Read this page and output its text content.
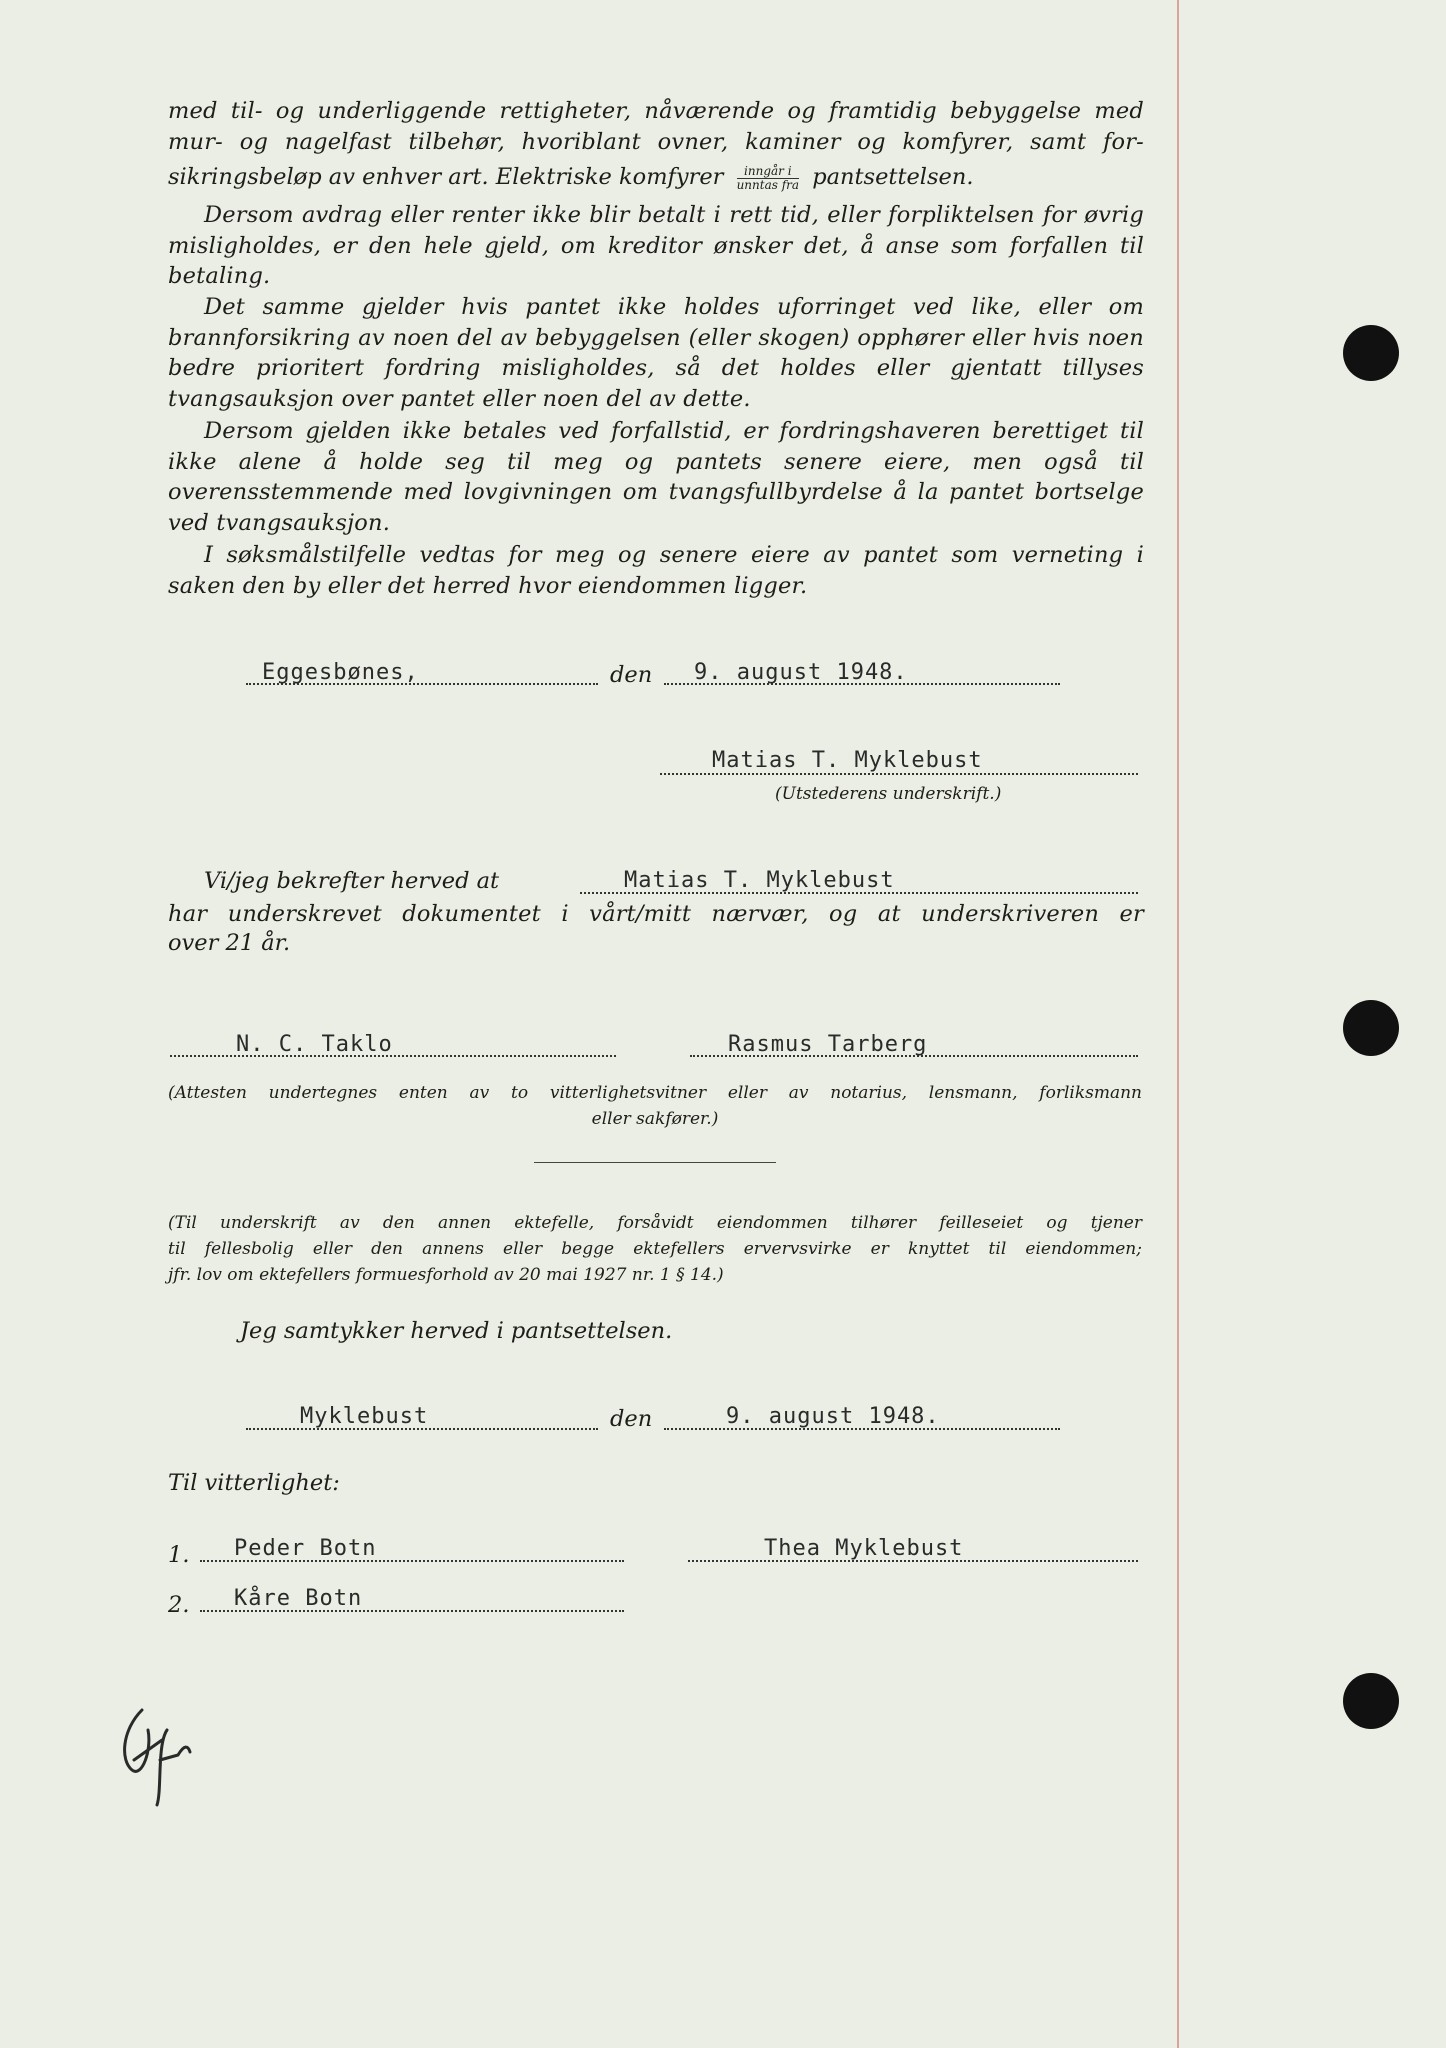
med til- og underliggende rettigheter, nåværende og framtidig bebyggelse med
mur- og nagelfast tilbehør, hvoriblant ovner, kaminer og komfyrer, samt for-
sikringsbeløp av enhver art. Elektriske komfyrer $\frac{\text{inngår i}}{\text{unntas fra}}$ pantsettelsen.
Dersom avdrag eller renter ikke blir betalt i rett tid, eller forpliktelsen for øvrig misligholdes, er den hele gjeld, om kreditor ønsker det, å anse som forfallen til betaling.
Det samme gjelder hvis pantet ikke holdes uforringet ved like, eller om brannforsikring av noen del av bebyggelsen (eller skogen) opphører eller hvis noen bedre prioritert fordring misligholdes, så det holdes eller gjentatt tillyses tvangsauksjon over pantet eller noen del av dette.
Dersom gjelden ikke betales ved forfallstid, er fordringshaveren berettiget til ikke alene å holde seg til meg og pantets senere eiere, men også til overensstemmende med lovgivningen om tvangsfullbyrdelse å la pantet bortselge ved tvangsauksjon.
I søksmålstilfelle vedtas for meg og senere eiere av pantet som verneting i saken den by eller det herred hvor eiendommen ligger.
Eggesbønes,	den 9. august 1948.
Matias T. Myklebust
(Utstederens underskrift.)
Vi/jeg bekrefter herved at	Matias T. Myklebust
har underskrevet dokumentet i vårt/mitt nærvær, og at underskriveren er
over 21 år.
N. C. Taklo	Rasmus Tarberg
(Attesten undertegnes enten av to vitterlighetsvitner eller av notarius, lensmann, forliksmann
eller sakfører.)
(Til underskrift av den annen ektefelle, forsåvidt eiendommen tilhører feilleseiet og tjener
til fellesbolig eller den annens eller begge ektefellers ervervsvirke er knyttet til eiendommen;
jfr. lov om ektefellers formuesforhold av 20 mai 1927 nr. 1 § 14.)
Jeg samtykker herved i pantsettelsen.
Myklebust	den	9. august 1948.
Til vitterlighet:
1. Peder Botn	Thea Myklebust
2. Kåre Botn
